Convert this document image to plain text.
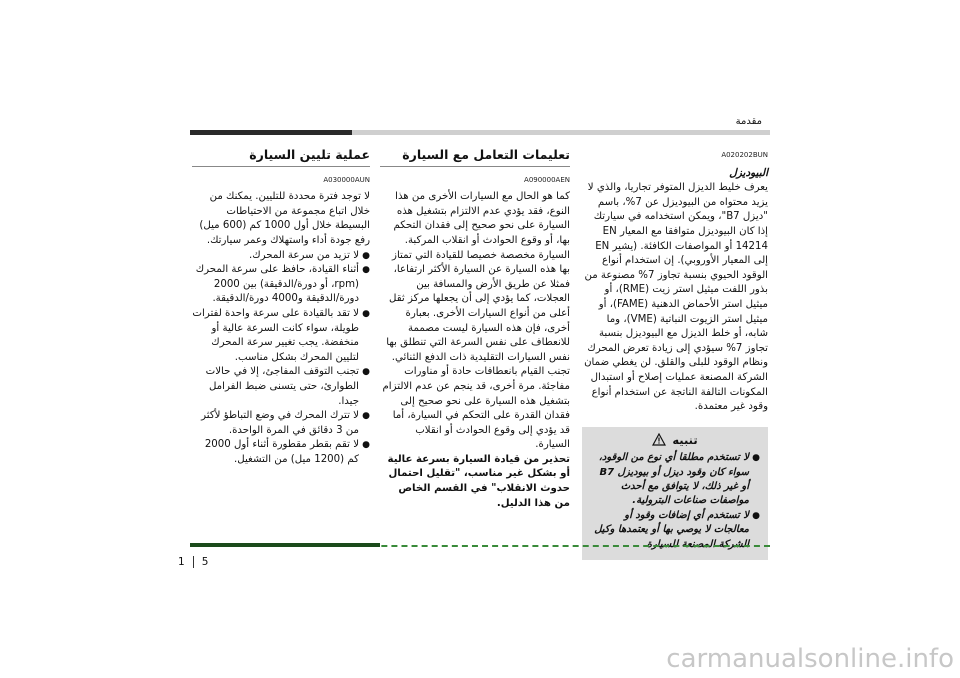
مقدمة

A020202BUN

البيوديزل

يعرف خليط الديزل المتوفر تجاريا، والذي لا يزيد محتواه من البيوديزل عن 7%، باسم "ديزل B7"، ويمكن استخدامه في سيارتك إذا كان البيوديزل متوافقا مع المعيار EN 14214 أو المواصفات الكافئة. (يشير EN إلى المعيار الأوروبي). إن استخدام أنواع الوقود الحيوي بنسبة تجاوز 7% مصنوعة من بذور اللفت ميثيل استر زيت (RME)، أو ميثيل استر الأحماض الدهنية (FAME)، أو ميثيل استر الزيوت النباتية (VME)، وما شابه، أو خلط الديزل مع البيوديزل بنسبة تجاوز 7% سيؤدي إلى زيادة تعرض المحرك ونظام الوقود للبلى والقلق. لن يغطي ضمان الشركة المصنعة عمليات إصلاح أو استبدال المكونات التالفة الناتجة عن استخدام أنواع وقود غير معتمدة.

تنبيه
●
لا تستخدم مطلقا أي نوع من الوقود، سواء كان وقود ديزل أو بيوديزل B7 أو غير ذلك، لا يتوافق مع أحدث مواصفات صناعات البترولية.
●
لا تستخدم أي إضافات وقود أو معالجات لا يوصي بها أو يعتمدها وكيل الشركة المصنعة للسيارة.

تعليمات التعامل مع السيارة

A090000AEN

كما هو الحال مع السيارات الأخرى من هذا النوع، فقد يؤدي عدم الالتزام بتشغيل هذه السيارة على نحو صحيح إلى فقدان التحكم بها، أو وقوع الحوادث أو انقلاب المركبة. السيارة مخصصة خصيصا للقيادة التي تمتاز بها هذه السيارة عن السيارة الأكثر ارتفاعا، فمثلا عن طريق الأرض والمسافة بين العجلات، كما يؤدي إلى أن يجعلها مركز ثقل أعلى من أنواع السيارات الأخرى. بعبارة أخرى، فإن هذه السيارة ليست مصممة للانعطاف على نفس السرعة التي تنطلق بها نفس السيارات التقليدية ذات الدفع الثنائي.

تجنب القيام بانعطافات حادة أو مناورات مفاجئة. مرة أخرى، قد ينجم عن عدم الالتزام بتشغيل هذه السيارة على نحو صحيح إلى فقدان القدرة على التحكم في السيارة، أما قد يؤدي إلى وقوع الحوادث أو انقلاب السيارة.

تحذير من قيادة السيارة بسرعة عالية أو بشكل غير مناسب، "تقليل احتمال حدوث الانقلاب" في القسم الخاص من هذا الدليل.

عملية تليين السيارة

A030000AUN

لا توجد فترة محددة للتليين. يمكنك من خلال اتباع مجموعة من الاحتياطات البسيطة خلال أول 1000 كم (600 ميل) رفع جودة أداء واستهلاك وعمر سيارتك.

●
لا تزيد من سرعة المحرك.
●
أثناء القيادة، حافظ على سرعة المحرك (rpm، أو دورة/الدقيقة) بين 2000 دورة/الدقيقة و4000 دورة/الدقيقة.
●
لا تقد بالقيادة على سرعة واحدة لفترات طويلة، سواء كانت السرعة عالية أو منخفضة. يجب تغيير سرعة المحرك لتليين المحرك بشكل مناسب.
●
تجنب التوقف المفاجئ، إلا في حالات الطوارئ، حتى يتسنى ضبط الفرامل جيدا.
●
لا تترك المحرك في وضع التباطؤ لأكثر من 3 دقائق في المرة الواحدة.
●
لا تقم بقطر مقطورة أثناء أول 2000 كم (1200 ميل) من التشغيل.
1 5
carmanualsonline.info
